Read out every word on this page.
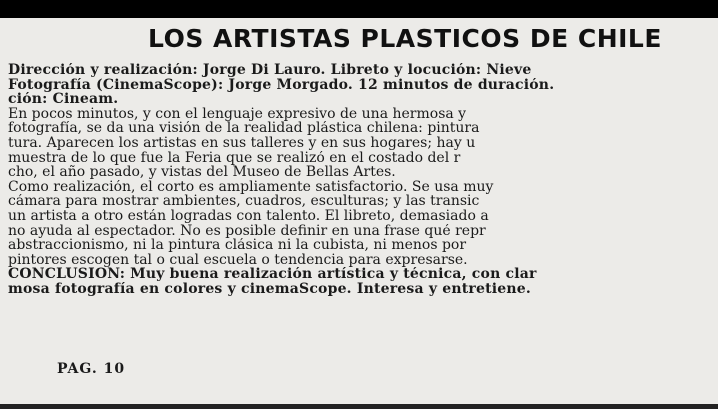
LOS ARTISTAS PLASTICOS DE CHILE
Dirección y realización: Jorge Di Lauro. Libreto y locución: Nieve
Fotografía (CinemaScope): Jorge Morgado. 12 minutos de duración.
ción: Cineam.
En pocos minutos, y con el lenguaje expresivo de una hermosa y
fotografía, se da una visión de la realidad plástica chilena: pintura
tura. Aparecen los artistas en sus talleres y en sus hogares; hay u
muestra de lo que fue la Feria que se realizó en el costado del r
cho, el año pasado, y vistas del Museo de Bellas Artes.
Como realización, el corto es ampliamente satisfactorio. Se usa muy
cámara para mostrar ambientes, cuadros, esculturas; y las transic
un artista a otro están logradas con talento. El libreto, demasiado a
no ayuda al espectador. No es posible definir en una frase qué repr
abstraccionismo, ni la pintura clásica ni la cubista, ni menos por
pintores escogen tal o cual escuela o tendencia para expresarse.
CONCLUSION: Muy buena realización artística y técnica, con clar
mosa fotografía en colores y cinemaScope. Interesa y entretiene.
PAG. 10
